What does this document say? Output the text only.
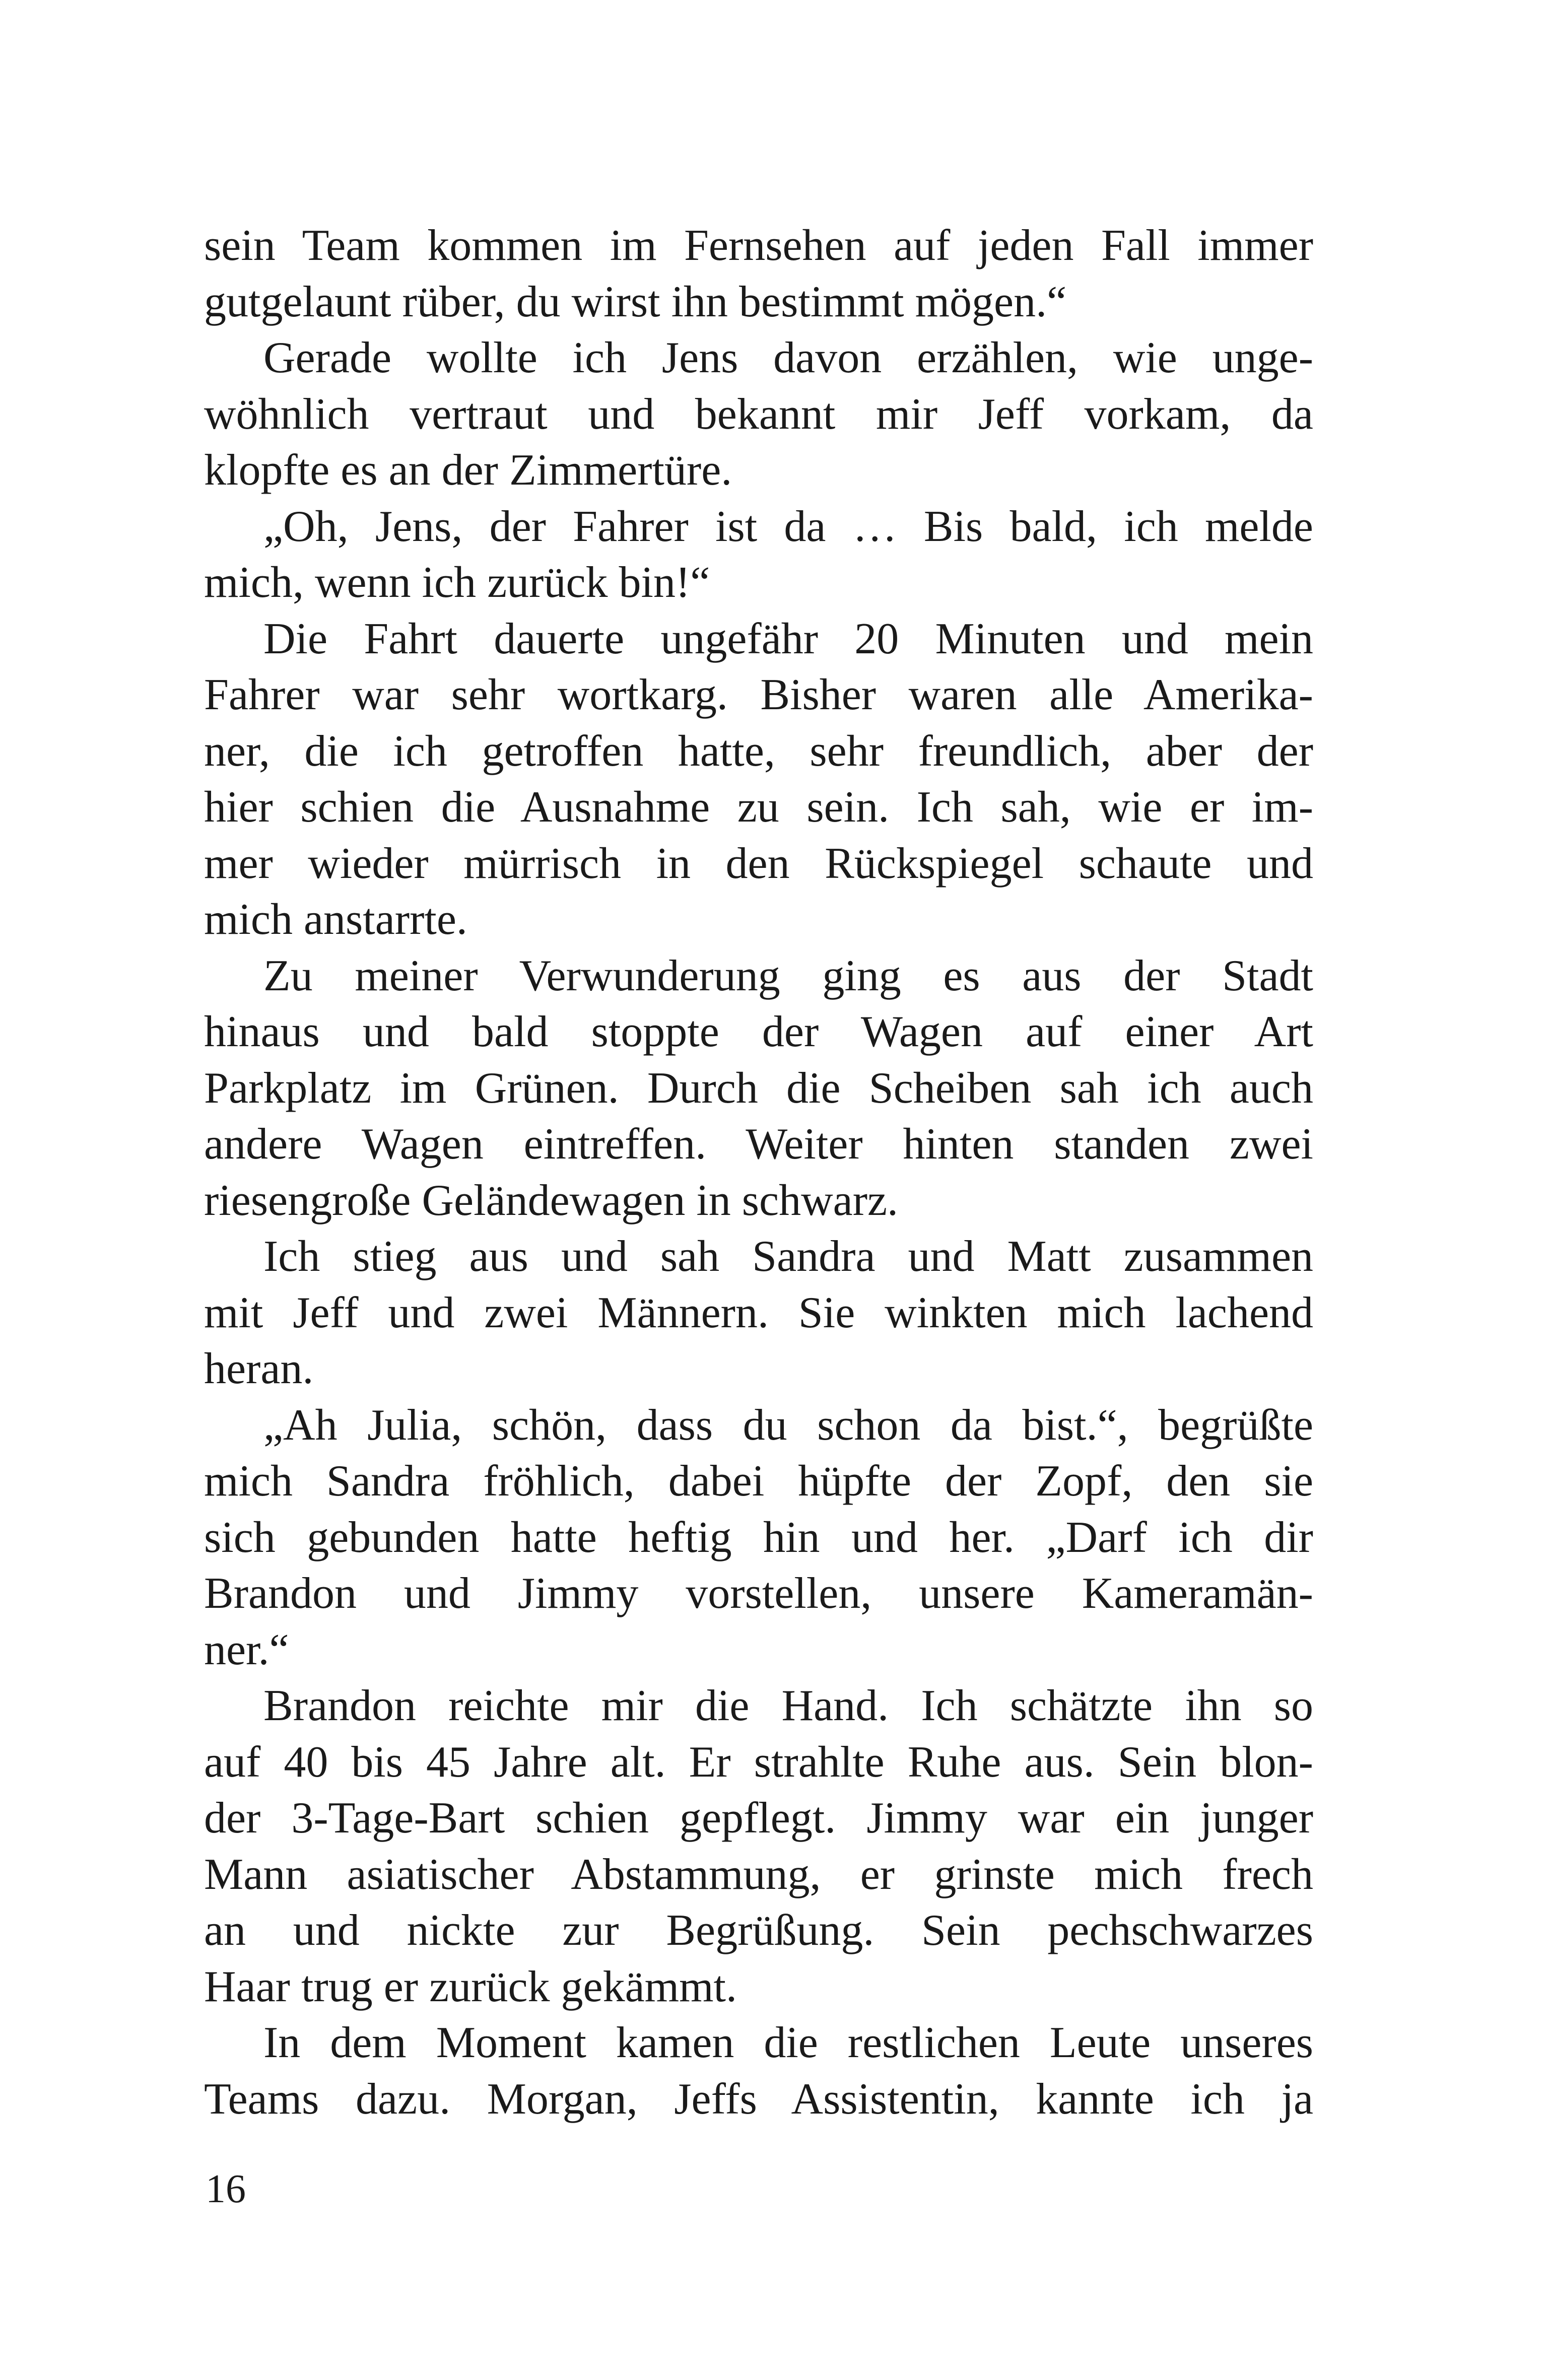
sein Team kommen im Fernsehen auf jeden Fall immer
gutgelaunt rüber, du wirst ihn bestimmt mögen.“
Gerade wollte ich Jens davon erzählen, wie unge-
wöhnlich vertraut und bekannt mir Jeff vorkam, da
klopfte es an der Zimmertüre.
„Oh, Jens, der Fahrer ist da … Bis bald, ich melde
mich, wenn ich zurück bin!“
Die Fahrt dauerte ungefähr 20 Minuten und mein
Fahrer war sehr wortkarg. Bisher waren alle Amerika-
ner, die ich getroffen hatte, sehr freundlich, aber der
hier schien die Ausnahme zu sein. Ich sah, wie er im-
mer wieder mürrisch in den Rückspiegel schaute und
mich anstarrte.
Zu meiner Verwunderung ging es aus der Stadt
hinaus und bald stoppte der Wagen auf einer Art
Parkplatz im Grünen. Durch die Scheiben sah ich auch
andere Wagen eintreffen. Weiter hinten standen zwei
riesengroße Geländewagen in schwarz.
Ich stieg aus und sah Sandra und Matt zusammen
mit Jeff und zwei Männern. Sie winkten mich lachend
heran.
„Ah Julia, schön, dass du schon da bist.“, begrüßte
mich Sandra fröhlich, dabei hüpfte der Zopf, den sie
sich gebunden hatte heftig hin und her. „Darf ich dir
Brandon und Jimmy vorstellen, unsere Kameramän-
ner.“
Brandon reichte mir die Hand. Ich schätzte ihn so
auf 40 bis 45 Jahre alt. Er strahlte Ruhe aus. Sein blon-
der 3-Tage-Bart schien gepflegt. Jimmy war ein junger
Mann asiatischer Abstammung, er grinste mich frech
an und nickte zur Begrüßung. Sein pechschwarzes
Haar trug er zurück gekämmt.
In dem Moment kamen die restlichen Leute unseres
Teams dazu. Morgan, Jeffs Assistentin, kannte ich ja
16
